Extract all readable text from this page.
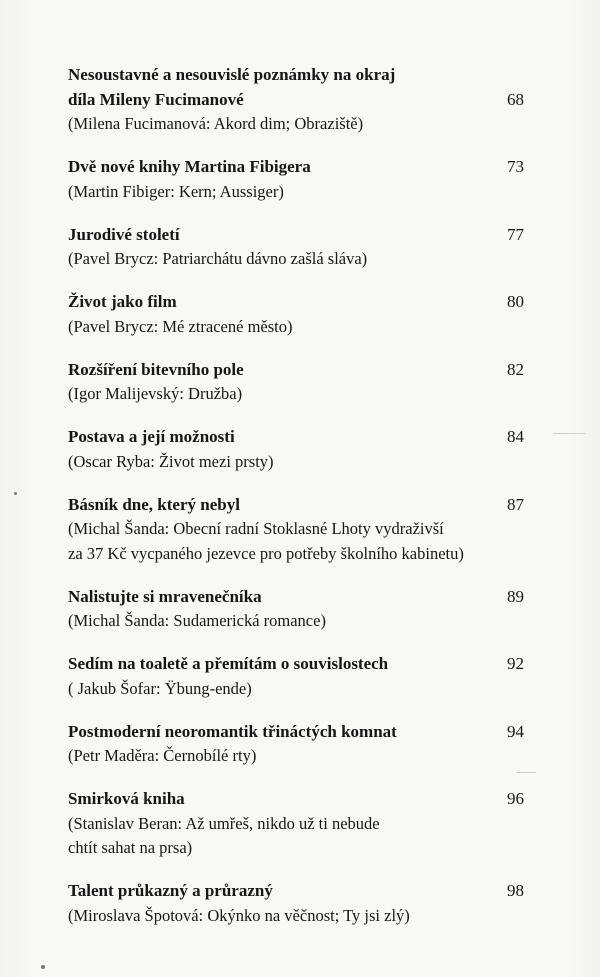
68
Nesoustavné a nesouvislé poznámky na okraj
díla Mileny Fucimanové
(Milena Fucimanová: Akord dim; Obraziště)
73
Dvě nové knihy Martina Fibigera
(Martin Fibiger: Kern; Aussiger)
77
Jurodivé století
(Pavel Brycz: Patriarchátu dávno zašlá sláva)
80
Život jako film
(Pavel Brycz: Mé ztracené město)
82
Rozšíření bitevního pole
(Igor Malijevský: Družba)
84
Postava a její možnosti
(Oscar Ryba: Život mezi prsty)
87
Básník dne, který nebyl
(Michal Šanda: Obecní radní Stoklasné Lhoty vydraživší
za 37 Kč vycpaného jezevce pro potřeby školního kabinetu)
89
Nalistujte si mravenečníka
(Michal Šanda: Sudamerická romance)
92
Sedím na toaletě a přemítám o souvislostech
( Jakub Šofar: Ÿbung-ende)
94
Postmoderní neoromantik třináctých komnat
(Petr Maděra: Černobílé rty)
96
Smirková kniha
(Stanislav Beran: Až umřeš, nikdo už ti nebude
chtít sahat na prsa)
98
Talent průkazný a průrazný
(Miroslava Špotová: Okýnko na věčnost; Ty jsi zlý)
